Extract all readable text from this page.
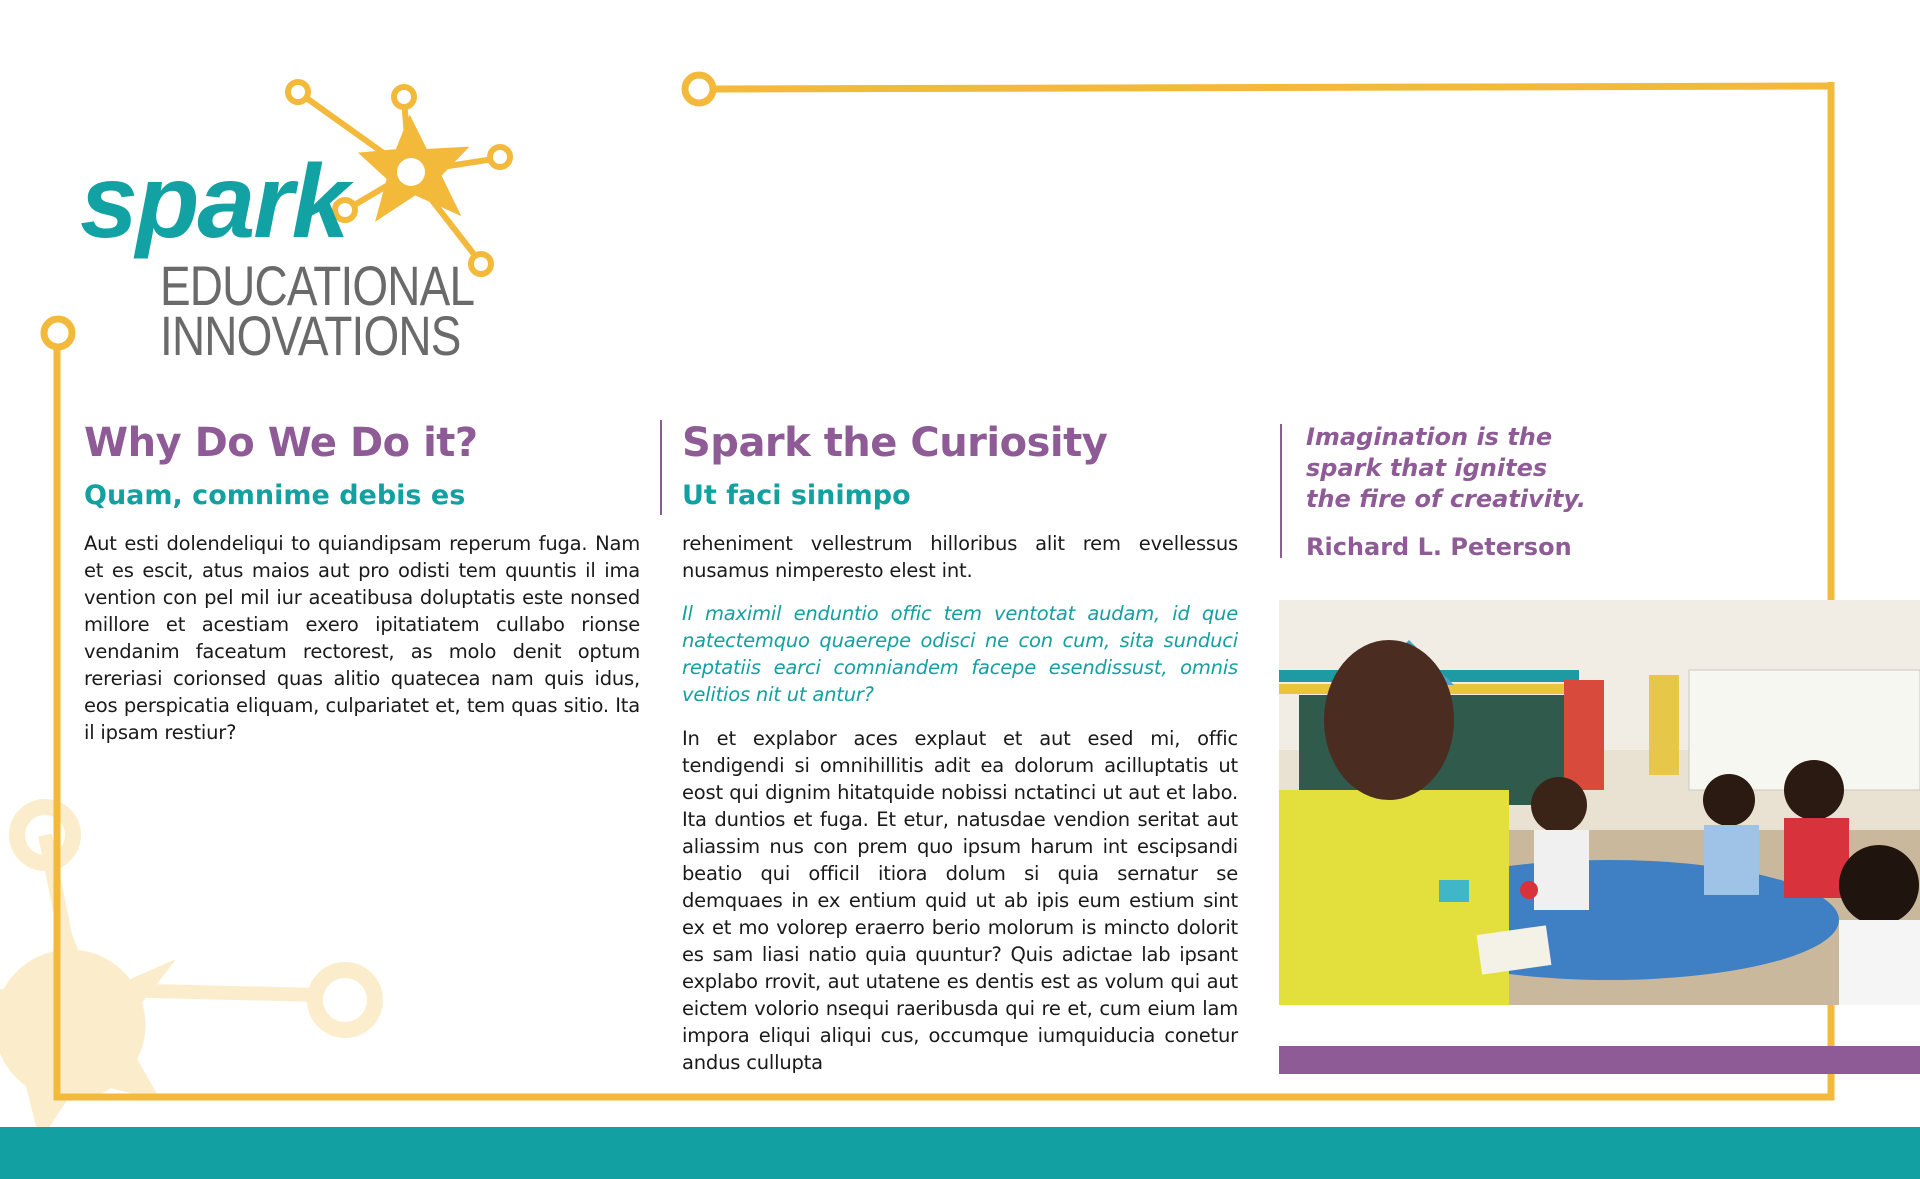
spark
EDUCATIONAL
INNOVATIONS
Why Do We Do it?
Quam, comnime debis es

Aut esti dolendeliqui to quiandipsam reperum fuga. Nam et es escit, atus maios aut pro odisti tem quuntis il ima vention con pel mil iur aceatibusa doluptatis este nonsed millore et acestiam exero ipitatiatem cullabo rionse vendanim faceatum rectorest, as molo denit optum rereriasi corionsed quas alitio quatecea nam quis idus, eos perspicatia eliquam, culpariatet et, tem quas sitio. Ita il ipsam restiur?

Spark the Curiosity
Ut faci sinimpo

reheniment vellestrum hilloribus alit rem evellessus nusamus nimperesto elest int.

Il maximil enduntio offic tem ventotat audam, id que natectemquo quaerepe odisci ne con cum, sita sunduci reptatiis earci comniandem facepe esendissust, omnis velitios nit ut antur?

In et explabor aces explaut et aut esed mi, offic tendigendi si omnihillitis adit ea dolorum acilluptatis ut eost qui dignim hitatquide nobissi nctatinci ut aut et labo. Ita duntios et fuga. Et etur, natusdae vendion seritat aut aliassim nus con prem quo ipsum harum int escipsandi beatio qui officil itiora dolum si quia sernatur se demquaes in ex entium quid ut ab ipis eum estium sint ex et mo volorep eraerro berio molorum is mincto dolorit es sam liasi natio quia quuntur? Quis adictae lab ipsant explabo rrovit, aut utatene es dentis est as volum qui aut eictem volorio nsequi raeribusda qui re et, cum eium lam impora eliqui aliqui cus, occumque iumquiducia conetur andus cullupta

Imagination is the spark that ignites the fire of creativity.

Richard L. Peterson
